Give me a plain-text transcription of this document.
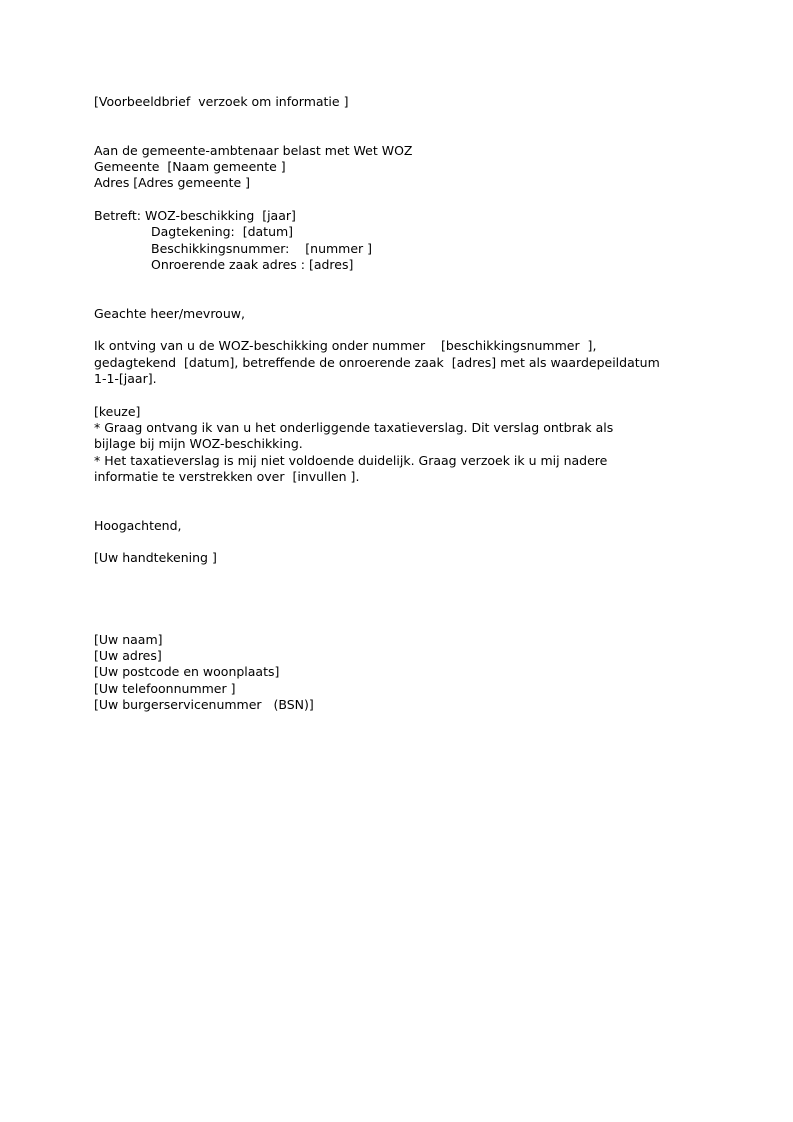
[Voorbeeldbrief  verzoek om informatie ]
Aan de gemeente-ambtenaar belast met Wet WOZ
Gemeente  [Naam gemeente ]
Adres [Adres gemeente ]
Betreft: WOZ-beschikking  [jaar]
Dagtekening:  [datum]
Beschikkingsnummer:    [nummer ]
Onroerende zaak adres : [adres]
Geachte heer/mevrouw,
Ik ontving van u de WOZ-beschikking onder nummer    [beschikkingsnummer  ],
gedagtekend  [datum], betreffende de onroerende zaak  [adres] met als waardepeildatum
1-1-[jaar].
[keuze]
* Graag ontvang ik van u het onderliggende taxatieverslag. Dit verslag ontbrak als
bijlage bij mijn WOZ-beschikking.
* Het taxatieverslag is mij niet voldoende duidelijk. Graag verzoek ik u mij nadere
informatie te verstrekken over  [invullen ].
Hoogachtend,
[Uw handtekening ]
[Uw naam]
[Uw adres]
[Uw postcode en woonplaats]
[Uw telefoonnummer ]
[Uw burgerservicenummer   (BSN)]
